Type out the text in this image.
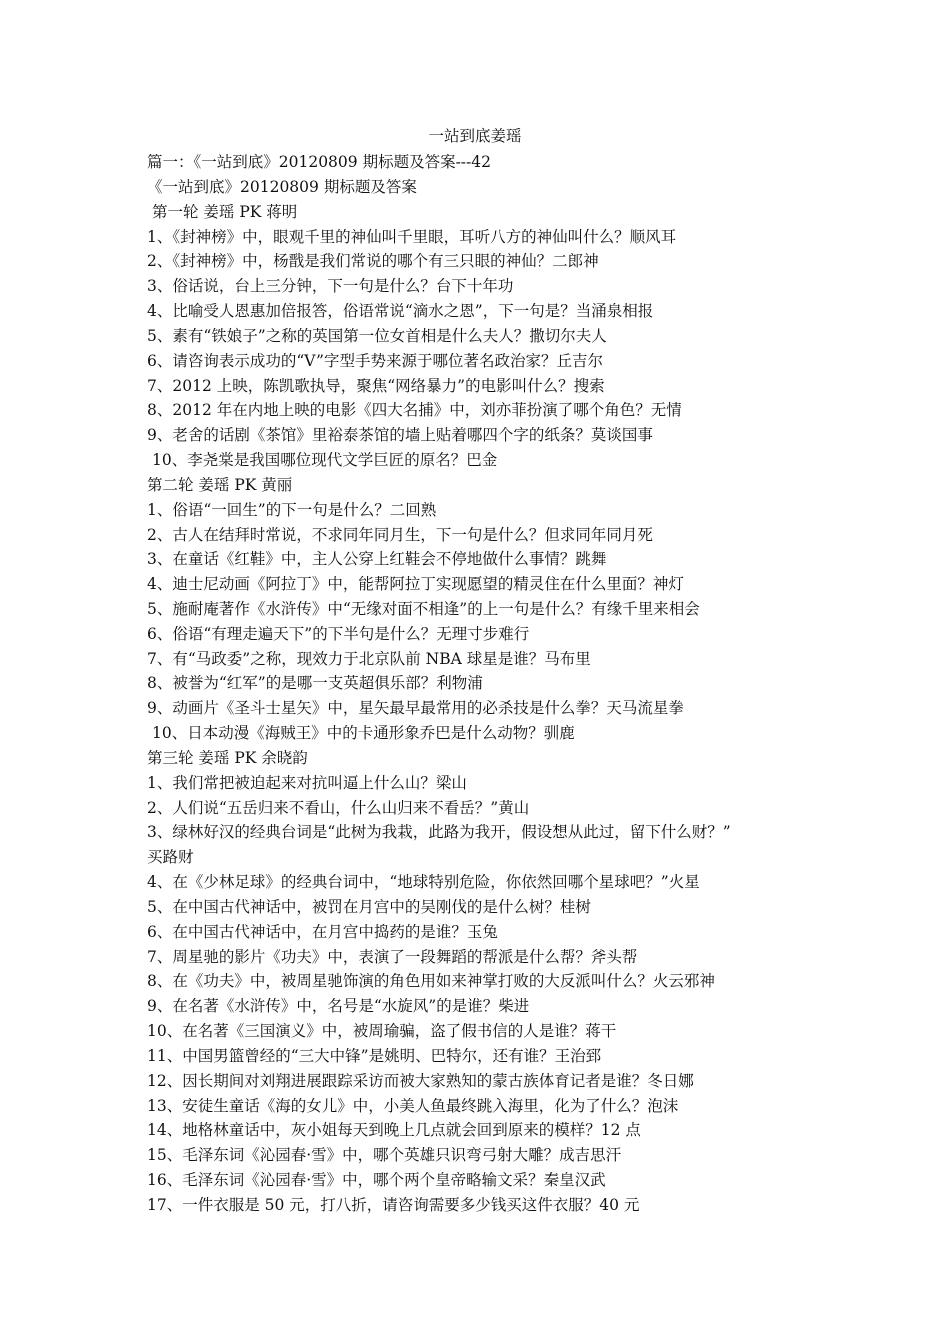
一站到底姜瑶
篇一：《一站到底》20120809 期标题及答案---42
《一站到底》20120809 期标题及答案
第一轮 姜瑶 PK 蒋明
1、《封神榜》中，眼观千里的神仙叫千里眼，耳听八方的神仙叫什么？顺风耳
2、《封神榜》中，杨戬是我们常说的哪个有三只眼的神仙？二郎神
3、俗话说，台上三分钟，下一句是什么？台下十年功
4、比喻受人恩惠加倍报答，俗语常说“滴水之恩”，下一句是？当涌泉相报
5、素有“铁娘子”之称的英国第一位女首相是什么夫人？撒切尔夫人
6、请咨询表示成功的“V”字型手势来源于哪位著名政治家？丘吉尔
7、2012 上映，陈凯歌执导，聚焦“网络暴力”的电影叫什么？搜索
8、2012 年在内地上映的电影《四大名捕》中，刘亦菲扮演了哪个角色？无情
9、老舍的话剧《茶馆》里裕泰茶馆的墙上贴着哪四个字的纸条？莫谈国事
10、李尧棠是我国哪位现代文学巨匠的原名？巴金
第二轮 姜瑶 PK 黄丽
1、俗语“一回生”的下一句是什么？二回熟
2、古人在结拜时常说，不求同年同月生，下一句是什么？但求同年同月死
3、在童话《红鞋》中，主人公穿上红鞋会不停地做什么事情？跳舞
4、迪士尼动画《阿拉丁》中，能帮阿拉丁实现愿望的精灵住在什么里面？神灯
5、施耐庵著作《水浒传》中“无缘对面不相逢”的上一句是什么？有缘千里来相会
6、俗语“有理走遍天下”的下半句是什么？无理寸步难行
7、有“马政委”之称，现效力于北京队前 NBA 球星是谁？马布里
8、被誉为“红军”的是哪一支英超俱乐部？利物浦
9、动画片《圣斗士星矢》中，星矢最早最常用的必杀技是什么拳？天马流星拳
10、日本动漫《海贼王》中的卡通形象乔巴是什么动物？驯鹿
第三轮 姜瑶 PK 余晓韵
1、我们常把被迫起来对抗叫逼上什么山？梁山
2、人们说“五岳归来不看山，什么山归来不看岳？”黄山
3、绿林好汉的经典台词是“此树为我栽，此路为我开，假设想从此过，留下什么财？”
买路财
4、在《少林足球》的经典台词中，“地球特别危险，你依然回哪个星球吧？”火星
5、在中国古代神话中，被罚在月宫中的吴刚伐的是什么树？桂树
6、在中国古代神话中，在月宫中捣药的是谁？玉兔
7、周星驰的影片《功夫》中，表演了一段舞蹈的帮派是什么帮？斧头帮
8、在《功夫》中，被周星驰饰演的角色用如来神掌打败的大反派叫什么？火云邪神
9、在名著《水浒传》中，名号是“水旋风”的是谁？柴进
10、在名著《三国演义》中，被周瑜骗，盗了假书信的人是谁？蒋干
11、中国男篮曾经的“三大中锋”是姚明、巴特尔，还有谁？王治郅
12、因长期间对刘翔进展跟踪采访而被大家熟知的蒙古族体育记者是谁？冬日娜
13、安徒生童话《海的女儿》中，小美人鱼最终跳入海里，化为了什么？泡沫
14、地格林童话中，灰小姐每天到晚上几点就会回到原来的模样？12 点
15、毛泽东词《沁园春·雪》中，哪个英雄只识弯弓射大雕？成吉思汗
16、毛泽东词《沁园春·雪》中，哪个两个皇帝略输文采？秦皇汉武
17、一件衣服是 50 元，打八折，请咨询需要多少钱买这件衣服？40 元
